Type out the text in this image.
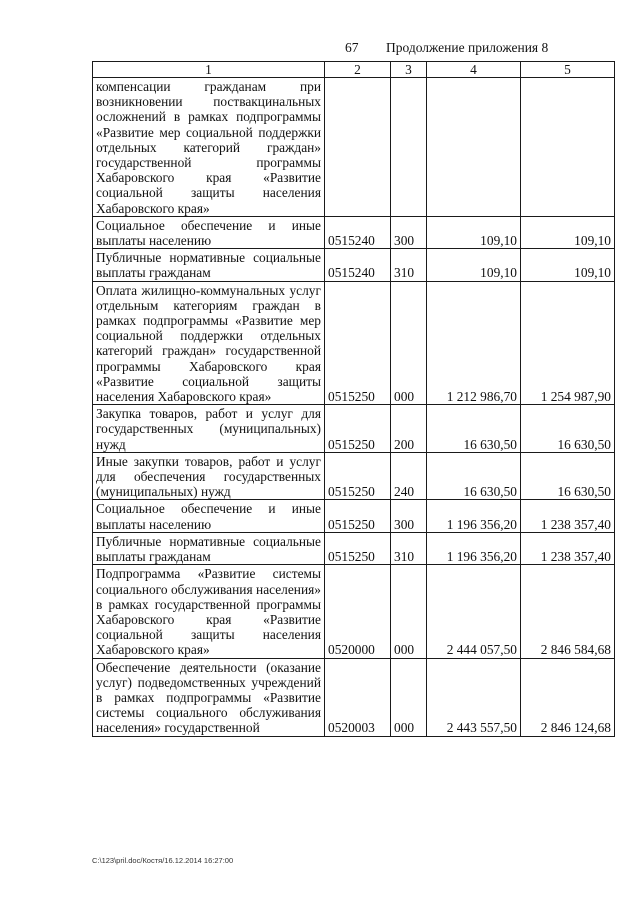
67 Продолжение приложения 8
1	2	3	4	5
компенсации гражданам при возникновении поствакцинальных осложнений в рамках подпрограммы «Развитие мер социальной поддержки отдельных категорий граждан» государственной программы Хабаровского края «Развитие социальной защиты населения Хабаровского края»				
Социальное обеспечение и иные выплаты населению	0515240	300	109,10	109,10
Публичные нормативные социальные выплаты гражданам	0515240	310	109,10	109,10
Оплата жилищно-коммунальных услуг отдельным категориям граждан в рамках подпрограммы «Развитие мер социальной поддержки отдельных категорий граждан» государственной программы Хабаровского края «Развитие социальной защиты населения Хабаровского края»	0515250	000	1 212 986,70	1 254 987,90
Закупка товаров, работ и услуг для государственных (муниципальных) нужд	0515250	200	16 630,50	16 630,50
Иные закупки товаров, работ и услуг для обеспечения государственных (муниципальных) нужд	0515250	240	16 630,50	16 630,50
Социальное обеспечение и иные выплаты населению	0515250	300	1 196 356,20	1 238 357,40
Публичные нормативные социальные выплаты гражданам	0515250	310	1 196 356,20	1 238 357,40
Подпрограмма «Развитие системы социального обслуживания населения» в рамках государственной программы Хабаровского края «Развитие социальной защиты населения Хабаровского края»	0520000	000	2 444 057,50	2 846 584,68
Обеспечение деятельности (оказание услуг) подведомственных учреждений в рамках подпрограммы «Развитие системы социального обслуживания населения» государственной	0520003	000	2 443 557,50	2 846 124,68
C:\123\pril.doc/Костя/16.12.2014 16:27:00
